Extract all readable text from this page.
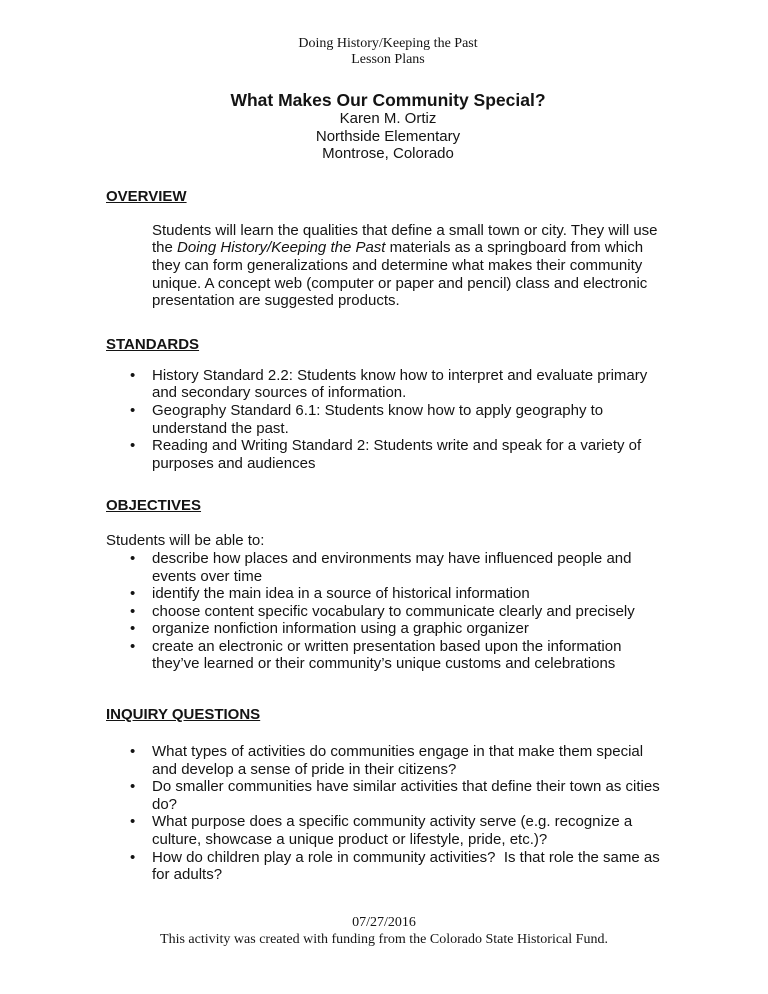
Doing History/Keeping the Past
Lesson Plans
What Makes Our Community Special?
Karen M. Ortiz
Northside Elementary
Montrose, Colorado
OVERVIEW

Students will learn the qualities that define a small town or city. They will use the Doing History/Keeping the Past materials as a springboard from which they can form generalizations and determine what makes their community unique. A concept web (computer or paper and pencil) class and electronic presentation are suggested products.

STANDARDS
•	History Standard 2.2: Students know how to interpret and evaluate primary and secondary sources of information.
•	Geography Standard 6.1: Students know how to apply geography to understand the past.
•	Reading and Writing Standard 2: Students write and speak for a variety of purposes and audiences
OBJECTIVES
Students will be able to:
•	describe how places and environments may have influenced people and events over time
•	identify the main idea in a source of historical information
•	choose content specific vocabulary to communicate clearly and precisely
•	organize nonfiction information using a graphic organizer
•	create an electronic or written presentation based upon the information they’ve learned or their community’s unique customs and celebrations
INQUIRY QUESTIONS
•	What types of activities do communities engage in that make them special and develop a sense of pride in their citizens?
•	Do smaller communities have similar activities that define their town as cities do?
•	What purpose does a specific community activity serve (e.g. recognize a culture, showcase a unique product or lifestyle, pride, etc.)?
•	How do children play a role in community activities?  Is that role the same as for adults?
07/27/2016
This activity was created with funding from the Colorado State Historical Fund.
